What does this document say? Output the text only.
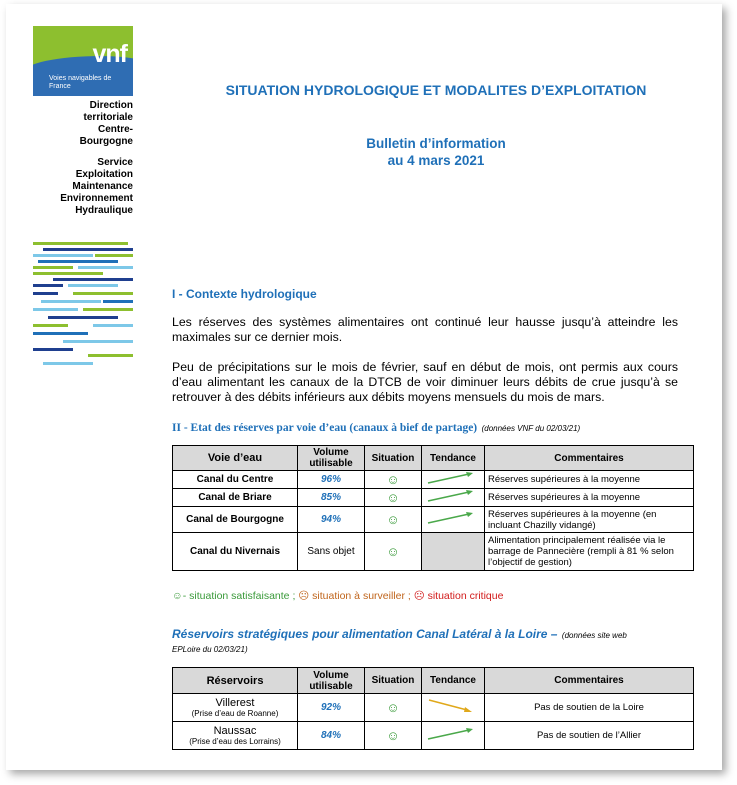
vnf
Voies navigables de France
Direction
territoriale
Centre-
Bourgogne
Service
Exploitation
Maintenance
Environnement
Hydraulique
SITUATION HYDROLOGIQUE ET MODALITES D’EXPLOITATION
Bulletin d’information
au 4 mars 2021
I - Contexte hydrologique
Les réserves des systèmes alimentaires ont continué leur hausse jusqu’à atteindre les maximales sur ce dernier mois.
Peu de précipitations sur le mois de février, sauf en début de mois, ont permis aux cours d’eau alimentant les canaux de la DTCB de voir diminuer leurs débits de crue jusqu’à se retrouver à des débits inférieurs aux débits moyens mensuels du mois de mars.
II - Etat des réserves par voie d’eau (canaux à bief de partage) (données VNF du 02/03/21)
Voie d’eau	Volume utilisable	Situation	Tendance	Commentaires
Canal du Centre	96%	☺		Réserves supérieures à la moyenne
Canal de Briare	85%	☺		Réserves supérieures à la moyenne
Canal de Bourgogne	94%	☺		Réserves supérieures à la moyenne (en incluant Chazilly vidangé)
Canal du Nivernais	Sans objet	☺		Alimentation principalement réalisée via le barrage de Pannecière (rempli à 81 % selon l’objectif de gestion)
☺- situation satisfaisante ; ☹ situation à surveiller ; ☹ situation critique
Réservoirs stratégiques pour alimentation Canal Latéral à la Loire – (données site web
EPLoire du 02/03/21)
Réservoirs	Volume utilisable	Situation	Tendance	Commentaires

Villerest
(Prise d’eau de Roanne)	92%	☺		Pas de soutien de la Loire

Naussac
(Prise d’eau des Lorrains)	84%	☺		Pas de soutien de l’Allier
